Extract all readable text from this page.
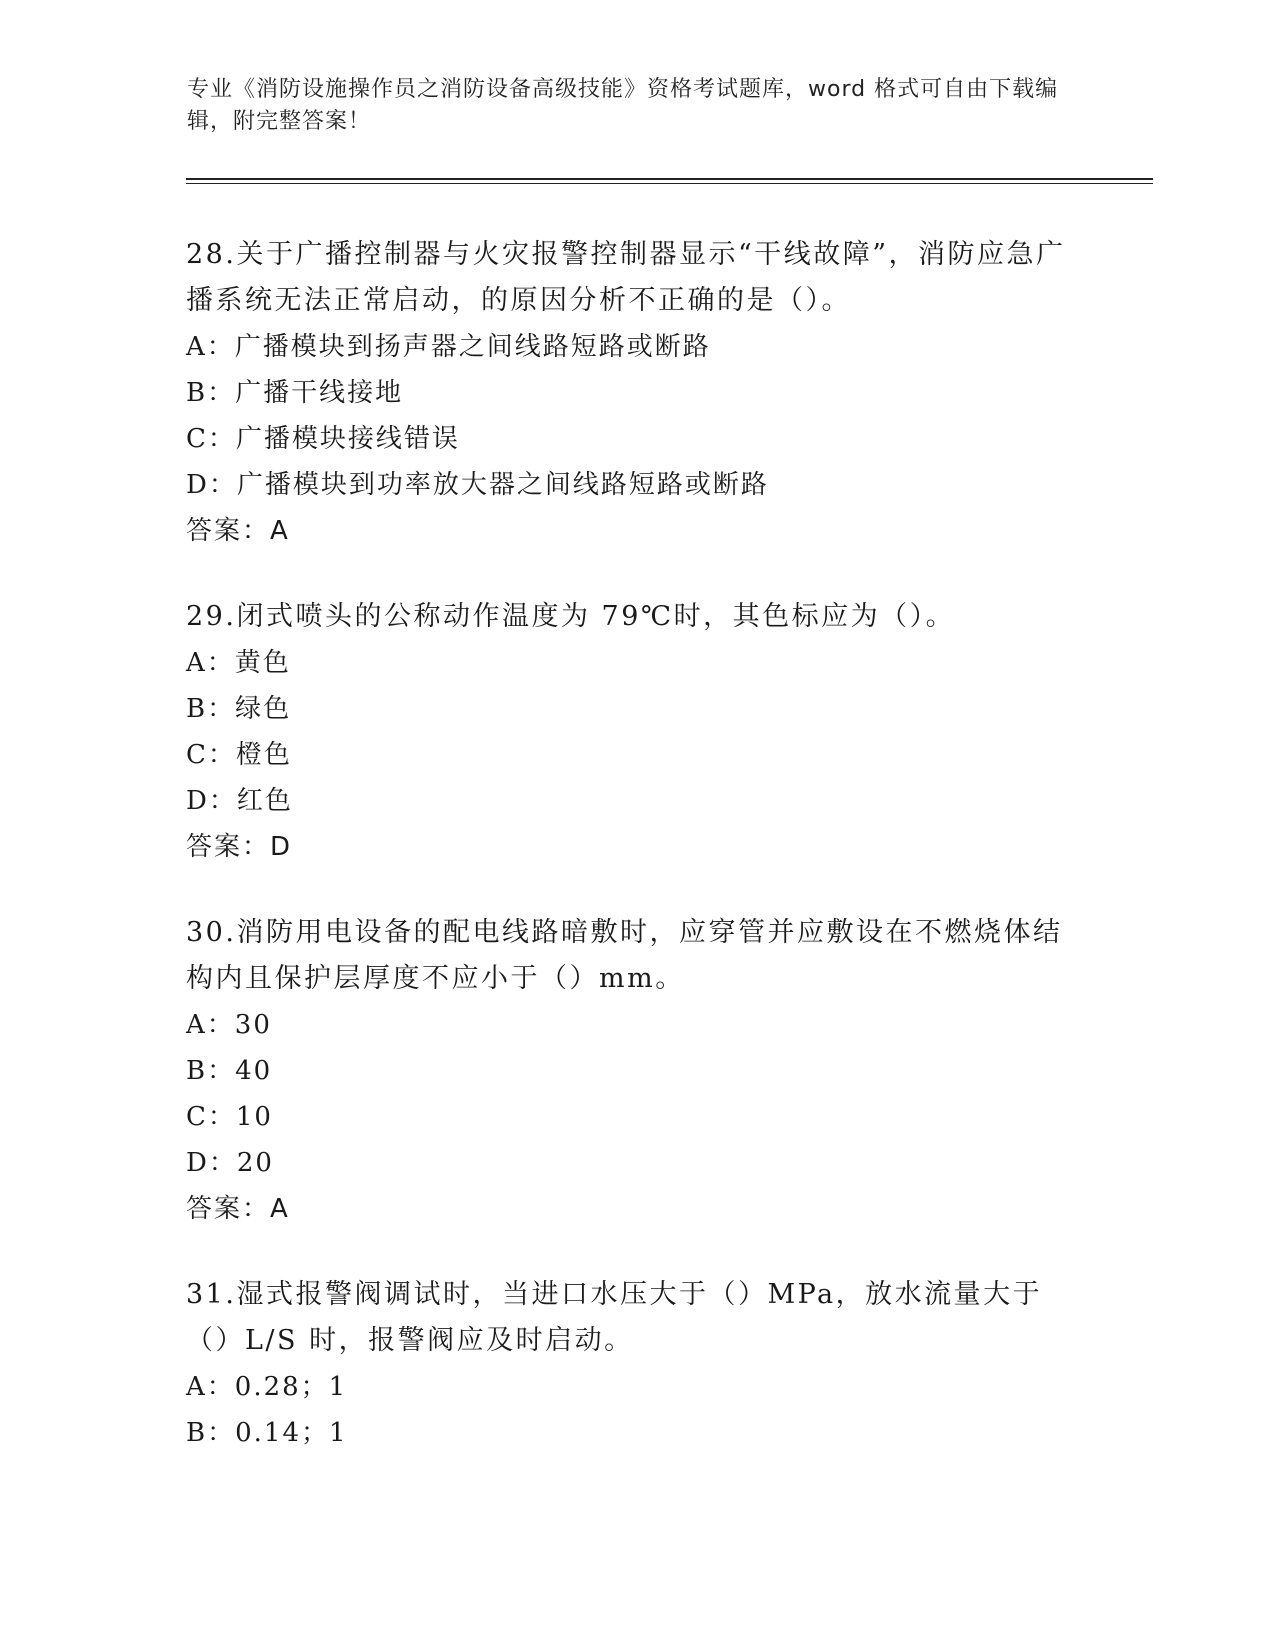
专业《消防设施操作员之消防设备高级技能》资格考试题库，word 格式可自由下载编辑，附完整答案！

28.关于广播控制器与火灾报警控制器显示“干线故障”，消防应急广播系统无法正常启动，的原因分析不正确的是（）。

A：广播模块到扬声器之间线路短路或断路

B：广播干线接地

C：广播模块接线错误

D：广播模块到功率放大器之间线路短路或断路

答案：A

29.闭式喷头的公称动作温度为 79℃时，其色标应为（）。

A：黄色

B：绿色

C：橙色

D：红色

答案：D

30.消防用电设备的配电线路暗敷时，应穿管并应敷设在不燃烧体结构内且保护层厚度不应小于（）mm。

A：30

B：40

C：10

D：20

答案：A

31.湿式报警阀调试时，当进口水压大于（）MPa，放水流量大于（）L/S 时，报警阀应及时启动。

A：0.28；1

B：0.14；1
